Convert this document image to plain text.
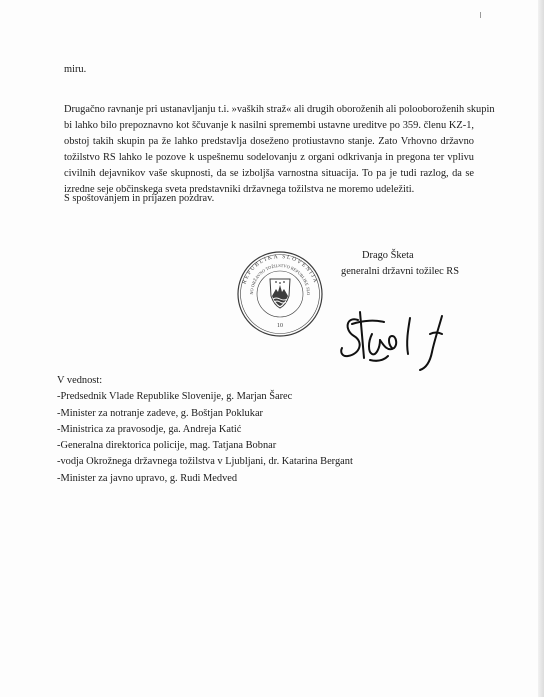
miru.
Drugačno ravnanje pri ustanavljanju t.i. »vaških straž« ali drugih oboroženih ali polooboroženih skupin
bi lahko bilo prepoznavno kot ščuvanje k nasilni spremembi ustavne ureditve po 359. členu KZ-1,
obstoj takih skupin pa že lahko predstavlja doseženo protiustavno stanje. Zato Vrhovno državno
tožilstvo RS lahko le pozove k uspešnemu sodelovanju z organi odkrivanja in pregona ter vplivu
civilnih dejavnikov vaše skupnosti, da se izboljša varnostna situacija. To pa je tudi razlog, da se
izredne seje občinskega sveta predstavniki državnega tožilstva ne moremo udeležiti.
S spoštovanjem in prijazen pozdrav.
REPUBLIKA SLOVENIJA
NO DRŽAVNO TOŽILSTVO REPUBLIKE SLO
10
Drago Šketa
generalni državni tožilec RS
V vednost:
-Predsednik Vlade Republike Slovenije, g. Marjan Šarec
-Minister za notranje zadeve, g. Boštjan Poklukar
-Ministrica za pravosodje, ga. Andreja Katić
-Generalna direktorica policije, mag. Tatjana Bobnar
-vodja Okrožnega državnega tožilstva v Ljubljani, dr. Katarina Bergant
-Minister za javno upravo, g. Rudi Medved
